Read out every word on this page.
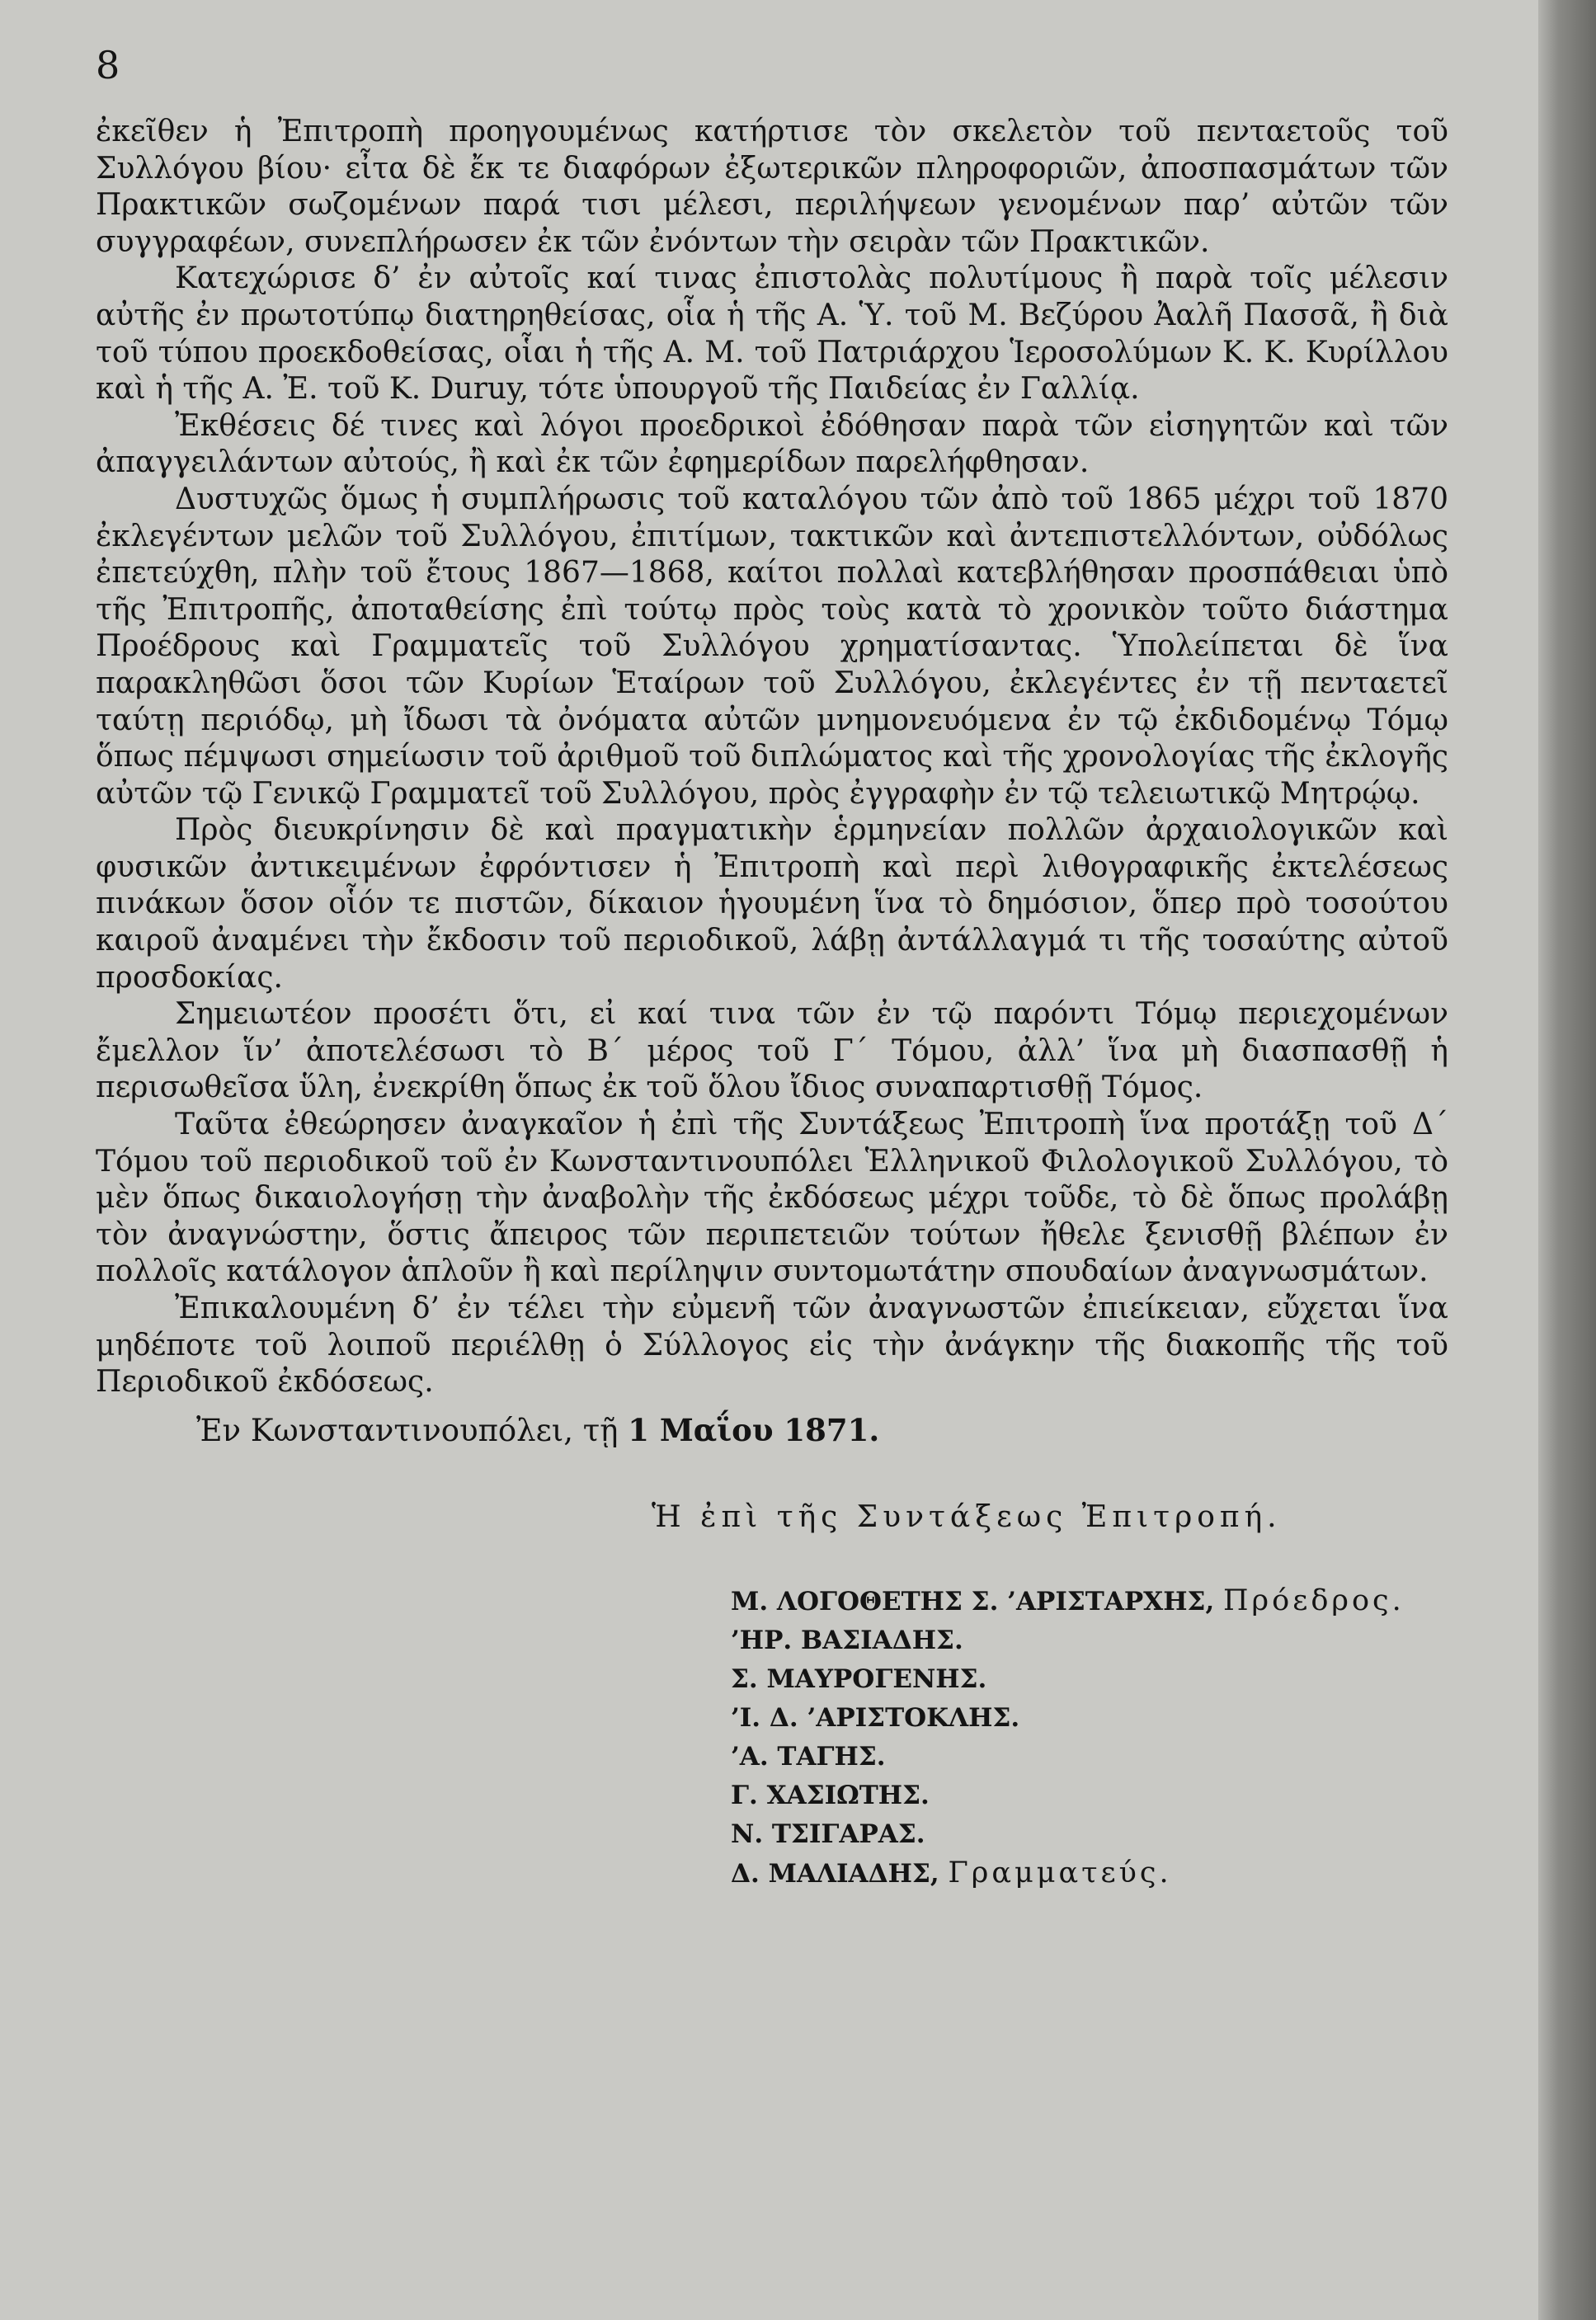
8

ἐκεῖθεν ἡ Ἐπιτροπὴ προηγουμένως κατήρτισε τὸν σκελετὸν τοῦ πενταετοῦς τοῦ Συλλόγου βίου· εἶτα δὲ ἔκ τε διαφόρων ἐξωτερικῶν πληροφοριῶν, ἀποσπασμάτων τῶν Πρακτικῶν σωζομένων παρά τισι μέλεσι, περιλήψεων γενομένων παρ’ αὐτῶν τῶν συγγραφέων, συνεπλήρωσεν ἐκ τῶν ἐνόντων τὴν σειρὰν τῶν Πρακτικῶν.

Κατεχώρισε δ’ ἐν αὐτοῖς καί τινας ἐπιστολὰς πολυτίμους ἢ παρὰ τοῖς μέλεσιν αὐτῆς ἐν πρωτοτύπῳ διατηρηθείσας, οἷα ἡ τῆς Α. Ὑ. τοῦ Μ. Βεζύρου Ἀαλῆ Πασσᾶ, ἢ διὰ τοῦ τύπου προεκδοθείσας, οἷαι ἡ τῆς Α. Μ. τοῦ Πατριάρχου Ἱεροσολύμων Κ. Κ. Κυρίλλου καὶ ἡ τῆς Α. Ἐ. τοῦ Κ. Duruy, τότε ὑπουργοῦ τῆς Παιδείας ἐν Γαλλίᾳ.

Ἐκθέσεις δέ τινες καὶ λόγοι προεδρικοὶ ἐδόθησαν παρὰ τῶν εἰσηγητῶν καὶ τῶν ἀπαγγειλάντων αὐτούς, ἢ καὶ ἐκ τῶν ἐφημερίδων παρελήφθησαν.

Δυστυχῶς ὅμως ἡ συμπλήρωσις τοῦ καταλόγου τῶν ἀπὸ τοῦ 1865 μέχρι τοῦ 1870 ἐκλεγέντων μελῶν τοῦ Συλλόγου, ἐπιτίμων, τακτικῶν καὶ ἀντεπιστελλόντων, οὐδόλως ἐπετεύχθη, πλὴν τοῦ ἔτους 1867—1868, καίτοι πολλαὶ κατεβλήθησαν προσπάθειαι ὑπὸ τῆς Ἐπιτροπῆς, ἀποταθείσης ἐπὶ τούτῳ πρὸς τοὺς κατὰ τὸ χρονικὸν τοῦτο διάστημα Προέδρους καὶ Γραμματεῖς τοῦ Συλλόγου χρηματίσαντας. Ὑπολείπεται δὲ ἵνα παρακληθῶσι ὅσοι τῶν Κυρίων Ἑταίρων τοῦ Συλλόγου, ἐκλεγέντες ἐν τῇ πενταετεῖ ταύτῃ περιόδῳ, μὴ ἴδωσι τὰ ὀνόματα αὐτῶν μνημονευόμενα ἐν τῷ ἐκδιδομένῳ Τόμῳ ὅπως πέμψωσι σημείωσιν τοῦ ἀριθμοῦ τοῦ διπλώματος καὶ τῆς χρονολογίας τῆς ἐκλογῆς αὐτῶν τῷ Γενικῷ Γραμματεῖ τοῦ Συλλόγου, πρὸς ἐγγραφὴν ἐν τῷ τελειωτικῷ Μητρῴῳ.

Πρὸς διευκρίνησιν δὲ καὶ πραγματικὴν ἑρμηνείαν πολλῶν ἀρχαιολογικῶν καὶ φυσικῶν ἀντικειμένων ἐφρόντισεν ἡ Ἐπιτροπὴ καὶ περὶ λιθογραφικῆς ἐκτελέσεως πινάκων ὅσον οἷόν τε πιστῶν, δίκαιον ἡγουμένη ἵνα τὸ δημόσιον, ὅπερ πρὸ τοσούτου καιροῦ ἀναμένει τὴν ἔκδοσιν τοῦ περιοδικοῦ, λάβῃ ἀντάλλαγμά τι τῆς τοσαύτης αὐτοῦ προσδοκίας.

Σημειωτέον προσέτι ὅτι, εἰ καί τινα τῶν ἐν τῷ παρόντι Τόμῳ περιεχομένων ἔμελλον ἵν’ ἀποτελέσωσι τὸ Β΄ μέρος τοῦ Γ΄ Τόμου, ἀλλ’ ἵνα μὴ διασπασθῇ ἡ περισωθεῖσα ὕλη, ἐνεκρίθη ὅπως ἐκ τοῦ ὅλου ἴδιος συναπαρτισθῇ Τόμος.

Ταῦτα ἐθεώρησεν ἀναγκαῖον ἡ ἐπὶ τῆς Συντάξεως Ἐπιτροπὴ ἵνα προτάξῃ τοῦ Δ΄ Τόμου τοῦ περιοδικοῦ τοῦ ἐν Κωνσταντινουπόλει Ἑλληνικοῦ Φιλολογικοῦ Συλλόγου, τὸ μὲν ὅπως δικαιολογήσῃ τὴν ἀναβολὴν τῆς ἐκδόσεως μέχρι τοῦδε, τὸ δὲ ὅπως προλάβῃ τὸν ἀναγνώστην, ὅστις ἄπειρος τῶν περιπετειῶν τούτων ἤθελε ξενισθῇ βλέπων ἐν πολλοῖς κατάλογον ἁπλοῦν ἢ καὶ περίληψιν συντομωτάτην σπουδαίων ἀναγνωσμάτων.

Ἐπικαλουμένη δ’ ἐν τέλει τὴν εὐμενῆ τῶν ἀναγνωστῶν ἐπιείκειαν, εὔχεται ἵνα μηδέποτε τοῦ λοιποῦ περιέλθῃ ὁ Σύλλογος εἰς τὴν ἀνάγκην τῆς διακοπῆς τῆς τοῦ Περιοδικοῦ ἐκδόσεως.

Ἐν Κωνσταντινουπόλει, τῇ 1 Μαΐου 1871.
Ἡ ἐπὶ τῆς Συντάξεως Ἐπιτροπή.
Μ. ΛΟΓΟΘΕΤΗΣ Σ. ’ΑΡΙΣΤΑΡΧΗΣ, Πρόεδρος.
’ΗΡ. ΒΑΣΙΑΔΗΣ.
Σ. ΜΑΥΡΟΓΕΝΗΣ.
’Ι. Δ. ’ΑΡΙΣΤΟΚΛΗΣ.
’Α. ΤΑΓΗΣ.
Γ. ΧΑΣΙΩΤΗΣ.
Ν. ΤΣΙΓΑΡΑΣ.
Δ. ΜΑΛΙΑΔΗΣ, Γραμματεύς.
